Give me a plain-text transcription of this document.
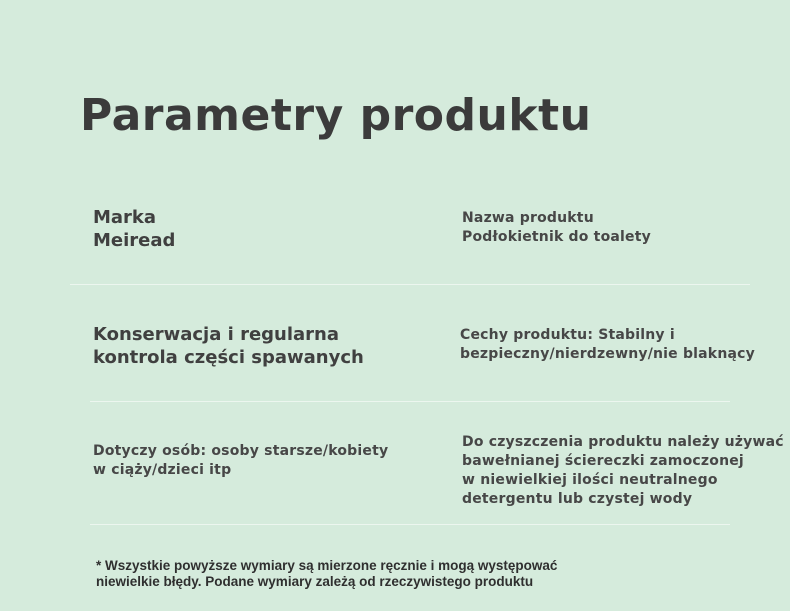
Parametry produktu
Marka
Meiread
Nazwa produktu
Podłokietnik do toalety
Konserwacja i regularna
kontrola części spawanych
Cechy produktu: Stabilny i
bezpieczny/nierdzewny/nie blaknący
Dotyczy osób: osoby starsze/kobiety
w ciąży/dzieci itp
Do czyszczenia produktu należy używać
bawełnianej ściereczki zamoczonej
w niewielkiej ilości neutralnego
detergentu lub czystej wody
* Wszystkie powyższe wymiary są mierzone ręcznie i mogą występować
niewielkie błędy. Podane wymiary zależą od rzeczywistego produktu
